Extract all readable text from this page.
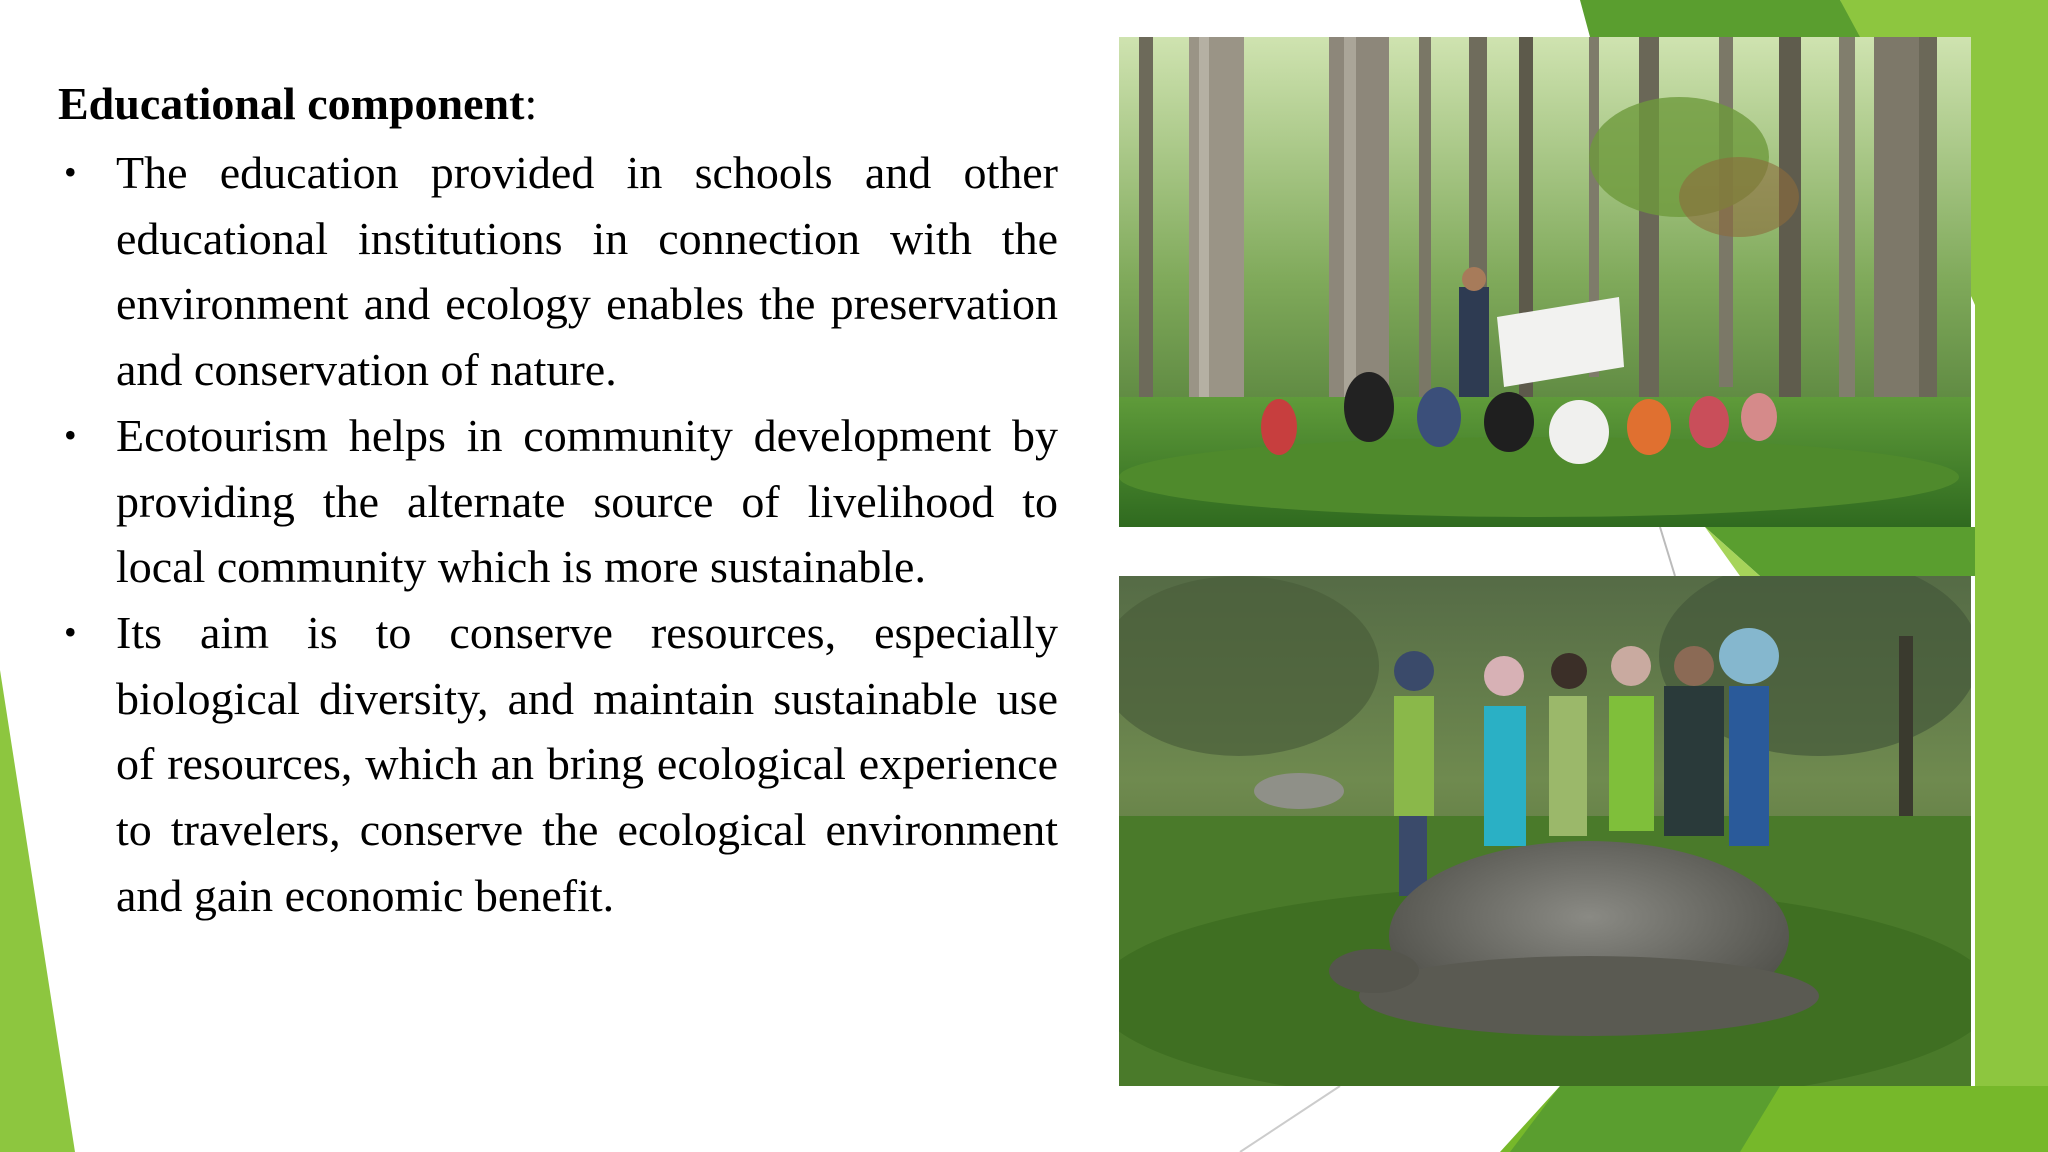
Educational component:
• The education provided in schools and other educational institutions in connection with the environment and ecology enables the preservation and conservation of nature.
• Ecotourism helps in community development by providing the alternate source of livelihood to local community which is more sustainable.
• Its aim is to conserve resources, especially biological diversity, and maintain sustainable use of resources, which an bring ecological experience to travelers, conserve the ecological environment and gain economic benefit.
